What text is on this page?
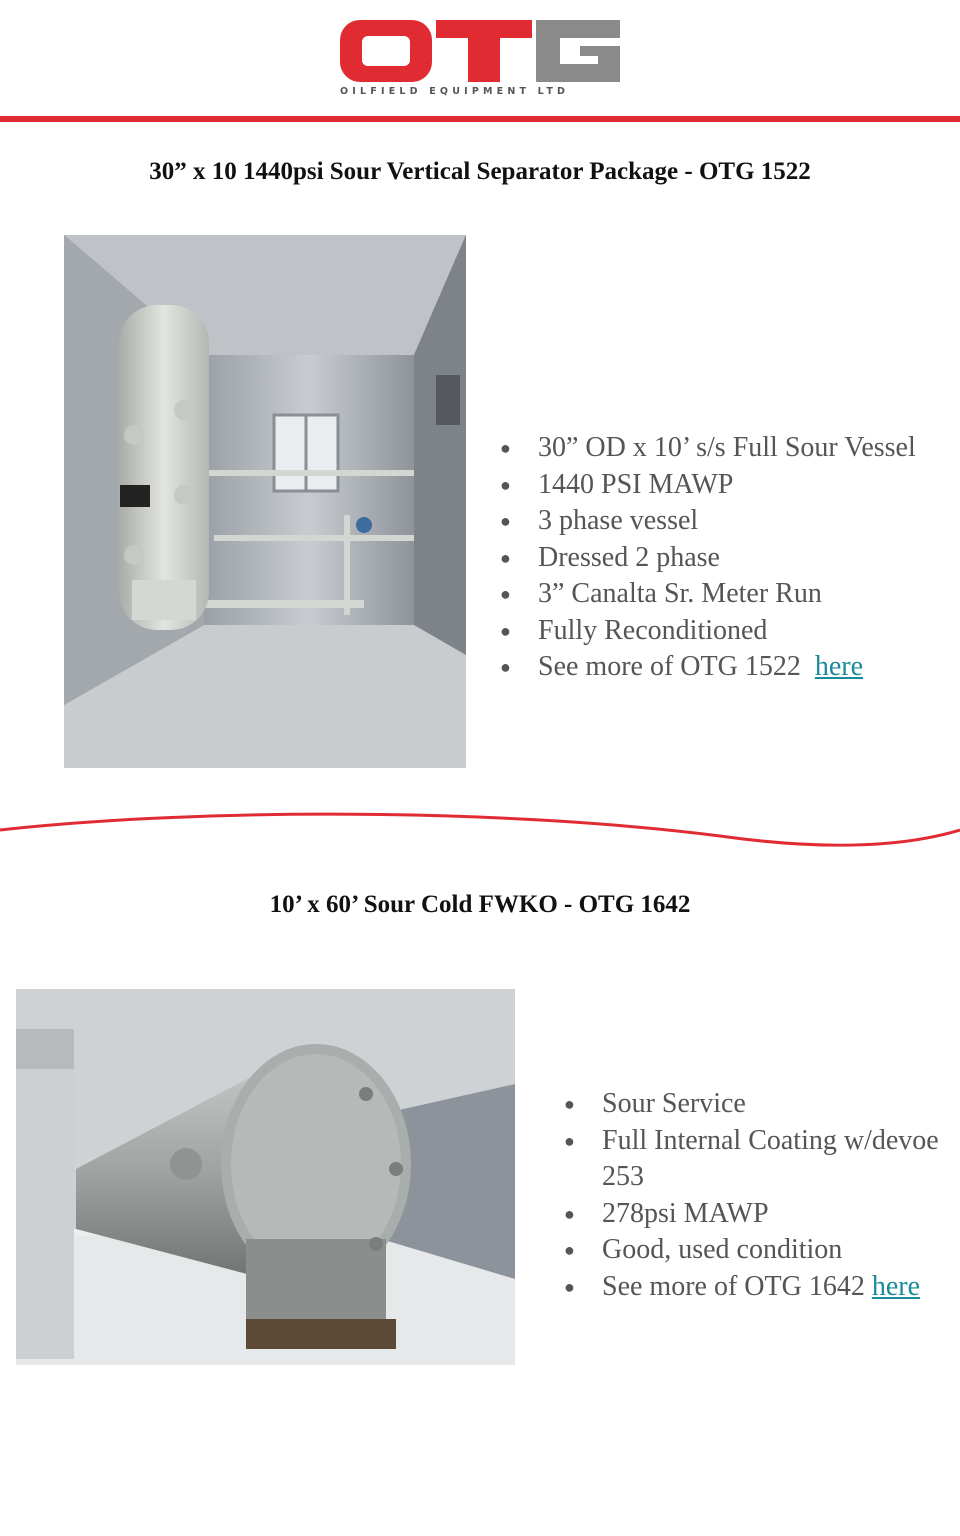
OILFIELD EQUIPMENT LTD
30” x 10 1440psi Sour Vertical Separator Package - OTG 1522
● 30” OD x 10’ s/s Full Sour Vessel
● 1440 PSI MAWP
● 3 phase vessel
● Dressed 2 phase
● 3” Canalta Sr. Meter Run
● Fully Reconditioned
● See more of OTG 1522  here
10’ x 60’ Sour Cold FWKO - OTG 1642
● Sour Service
● Full Internal Coating w/devoe 253
● 278psi MAWP
● Good, used condition
● See more of OTG 1642 here
